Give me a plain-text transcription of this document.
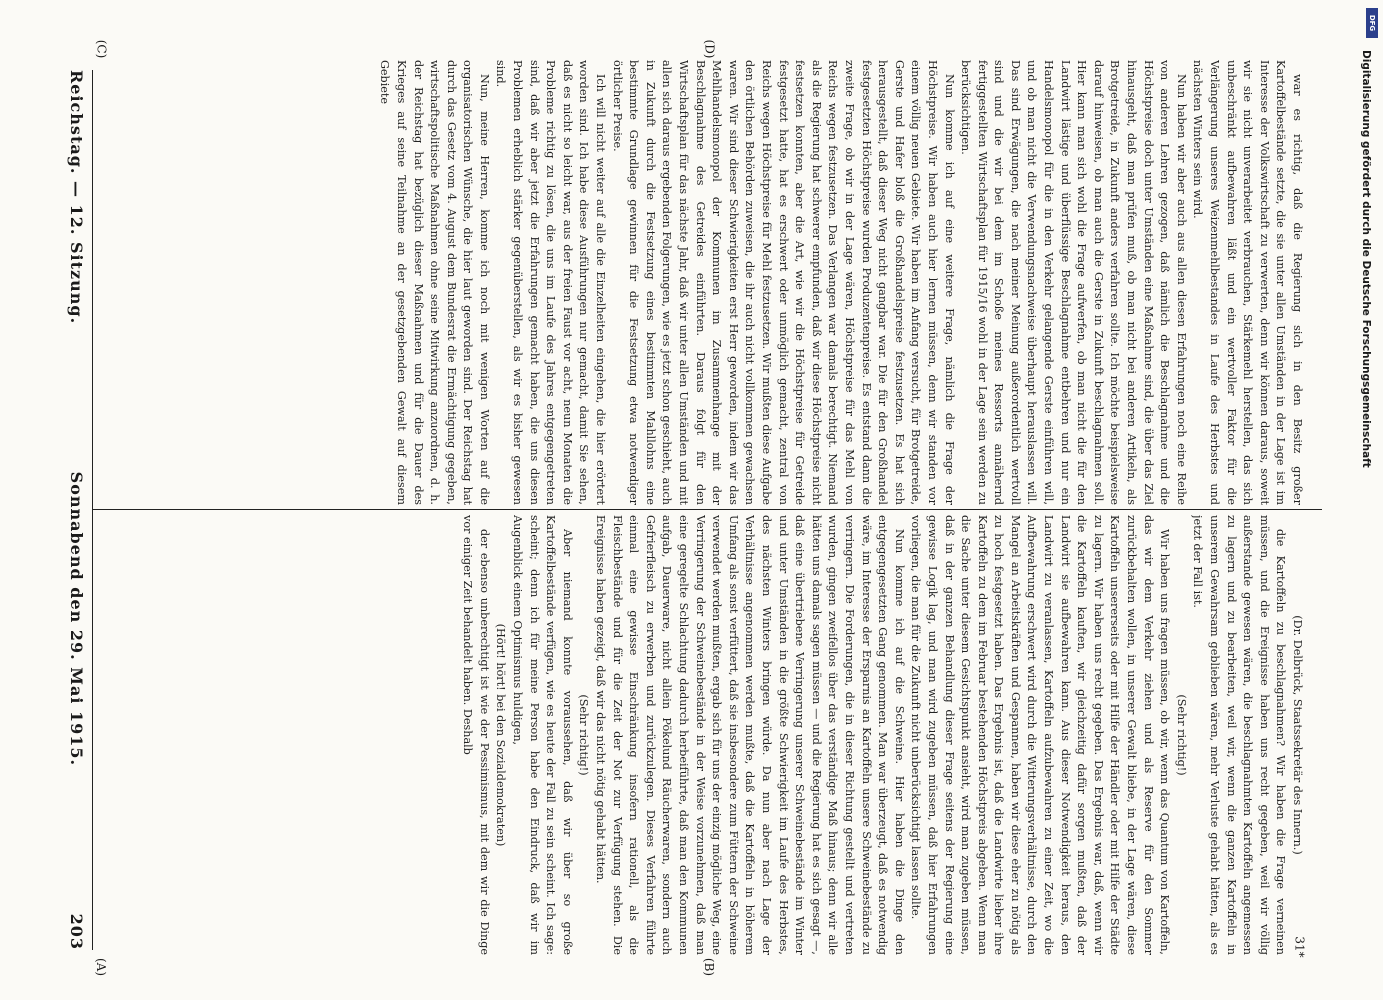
Reichstag. — 12. Sitzung.
Sonnabend den 29. Mai 1915.
203
(A)	(B)
(C)	(D)

(Dr. Delbrück, Staatssekretär des Innern.)

die Kartoffeln zu beschlagnahmen? Wir haben die Frage verneinen müssen, und die Ereignisse haben uns recht gegeben, weil wir völlig außerstande gewesen wären, die beschlagnahmten Kartoffeln angemessen zu lagern und zu bearbeiten, weil wir, wenn die ganzen Kartoffeln in unserem Gewahrsam geblieben wären, mehr Verluste gehabt hätten, als es jetzt der Fall ist.

(Sehr richtig!)

Wir haben uns fragen müssen, ob wir, wenn das Quantum von Kartoffeln, das wir dem Verkehr ziehen und als Reserve für den Sommer zurückbehalten wollen, in unserer Gewalt bliebe, in der Lage wären, diese Kartoffeln unsererseits oder mit Hilfe der Händler oder mit Hilfe der Städte zu lagern. Wir haben uns recht gegeben. Das Ergebnis war, daß, wenn wir die Kartoffeln kauften, wir gleichzeitig dafür sorgen mußten, daß der Landwirt sie aufbewahren kann. Aus dieser Notwendigkeit heraus, den Landwirt zu veranlassen, Kartoffeln aufzubewahren zu einer Zeit, wo die Aufbewahrung erschwert wird durch die Witterungsverhältnisse, durch den Mangel an Arbeitskräften und Gespannen, haben wir diese eher zu nötig als zu hoch festgesetzt haben. Das Ergebnis ist, daß die Landwirte lieber ihre Kartoffeln zu dem im Februar bestehenden Höchstpreis abgeben. Wenn man die Sache unter diesem Gesichtspunkt ansieht, wird man zugeben müssen, daß in der ganzen Behandlung dieser Frage seitens der Regierung eine gewisse Logik lag, und man wird zugeben müssen, daß hier Erfahrungen vorliegen, die man für die Zukunft nicht unberücksichtigt lassen sollte.

Nun komme ich auf die Schweine. Hier haben die Dinge den entgegengesetzten Gang genommen. Man war überzeugt, daß es notwendig wäre, im Interesse der Ersparnis an Kartoffeln unsere Schweinebestände zu verringern. Die Forderungen, die in dieser Richtung gestellt und vertreten wurden, gingen zweifellos über das verständige Maß hinaus; denn wir alle hätten uns damals sagen müssen — und die Regierung hat es sich gesagt —, daß eine übertriebene Verringerung unserer Schweinebestände im Winter und unter Umständen in die größte Schwierigkeit im Laufe des Herbstes, des nächsten Winters bringen würde. Da nun aber nach Lage der Verhältnisse angenommen werden mußte, daß die Kartoffeln in höherem Umfang als sonst verfüttert, daß sie insbesondere zum Füttern der Schweine verwendet werden mußten, ergab sich für uns der einzig mögliche Weg, eine Verringerung der Schweinebestände in der Weise vorzunehmen, daß man eine geregelte Schlachtung dadurch herbeiführte, daß man den Kommunen aufgab, Dauerware, nicht allein Pökelund Räucherwaren, sondern auch Gefrierfleisch zu erwerben und zurückzulegen. Dieses Verfahren führte einmal eine gewisse Einschränkung insofern rationell, als die Fleischbestände und für die Zeit der Not zur Verfügung stehen. Die Ereignisse haben gezeigt, daß wir das nicht nötig gehabt hätten.

(Sehr richtig!)

Aber niemand konnte voraussehen, daß wir über so große Kartoffelbestände verfügen, wie es heute der Fall zu sein scheint. Ich sage: scheint; denn ich für meine Person habe den Eindruck, daß wir im Augenblick einem Optimismus huldigen,

(Hört! hört! bei den Sozialdemokraten)

der ebenso unberechtigt ist wie der Pessimismus, mit dem wir die Dinge vor einiger Zeit behandelt haben. Deshalb

war es richtig, daß die Regierung sich in den Besitz großer Kartoffelbestände setzte, die sie unter allen Umständen in der Lage ist im Interesse der Volkswirtschaft zu verwerten, denn wir können daraus, soweit wir sie nicht unverarbeitet verbrauchen, Stärkemehl herstellen, das sich unbeschränkt aufbewahren läßt und ein wertvoller Faktor für die Verlängerung unseres Weizenmehlbestandes in Laufe des Herbstes und nächsten Winters sein wird.

Nun haben wir aber auch aus allen diesen Erfahrungen noch eine Reihe von anderen Lehren gezogen, daß nämlich die Beschlagnahme und die Höchstpreise doch unter Umständen eine Maßnahme sind, die über das Ziel hinausgeht, daß man prüfen muß, ob man nicht bei anderen Artikeln, als Brotgetreide, in Zukunft anders verfahren sollte. Ich möchte beispielsweise darauf hinweisen, ob man auch die Gerste in Zukunft beschlagnahmen soll. Hier kann man sich wohl die Frage aufwerfen, ob man nicht die für den Landwirt lästige und überflüssige Beschlagnahme entbehren und nur ein Handelsmonopol für die in den Verkehr gelangende Gerste einführen will, und ob man nicht die Verwendungsnachweise überhaupt herauslassen will. Das sind Erwägungen, die nach meiner Meinung außerordentlich wertvoll sind und die wir bei dem im Schoße meines Ressorts annähernd fertiggestellten Wirtschaftsplan für 1915/16 wohl in der Lage sein werden zu berücksichtigen.

Nun komme ich auf eine weitere Frage, nämlich die Frage der Höchstpreise. Wir haben auch hier lernen müssen, denn wir standen vor einem völlig neuen Gebiete. Wir haben im Anfang versucht, für Brotgetreide, Gerste und Hafer bloß die Großhandelspreise festzusetzen. Es hat sich herausgestellt, daß dieser Weg nicht gangbar war. Die für den Großhandel festgesetzten Höchstpreise wurden Produzentenpreise. Es entstand dann die zweite Frage, ob wir in der Lage wären, Höchstpreise für das Mehl von Reichs wegen festzusetzen. Das Verlangen war damals berechtigt. Niemand als die Regierung hat schwerer empfunden, daß wir diese Höchstpreise nicht festsetzen konnten, aber die Art, wie wir die Höchstpreise für Getreide festgesetzt hatte, hat es erschwert oder unmöglich gemacht, zentral von Reichs wegen Höchstpreise für Mehl festzusetzen. Wir mußten diese Aufgabe den örtlichen Behörden zuweisen, die ihr auch nicht vollkommen gewachsen waren. Wir sind dieser Schwierigkeiten erst Herr geworden, indem wir das Mehlhandelsmonopol der Kommunen im Zusammenhange mit der Beschlagnahme des Getreides einführten. Daraus folgt für den Wirtschaftsplan für das nächste Jahr, daß wir unter allen Umständen und mit allen sich daraus ergebenden Folgerungen, wie es jetzt schon geschieht, auch in Zukunft durch die Festsetzung eines bestimmten Mahllohns eine bestimmte Grundlage gewinnen für die Festsetzung etwa notwendiger örtlicher Preise.

Ich will nicht weiter auf alle die Einzelheiten eingehen, die hier erörtert worden sind. Ich habe diese Ausführungen nur gemacht, damit Sie sehen, daß es nicht so leicht war, aus der freien Faust vor acht, neun Monaten die Probleme richtig zu lösen, die uns im Laufe des Jahres entgegengetreten sind, daß wir aber jetzt die Erfahrungen gemacht haben, die uns diesen Problemen erheblich stärker gegenüberstellen, als wir es bisher gewesen sind.

Nun, meine Herren, komme ich noch mit wenigen Worten auf die organisatorischen Wünsche, die hier laut geworden sind. Der Reichstag hat durch das Gesetz vom 4. August dem Bundesrat die Ermächtigung gegeben, wirtschaftspolitische Maßnahmen ohne seine Mitwirkung anzuordnen, d. h. der Reichstag hat bezüglich dieser Maßnahmen und für die Dauer des Krieges auf seine Teilnahme an der gesetzgebenden Gewalt auf diesem Gebiete

31*
DFG
Digitalisierung gefördert durch die Deutsche Forschungsgemeinschaft
